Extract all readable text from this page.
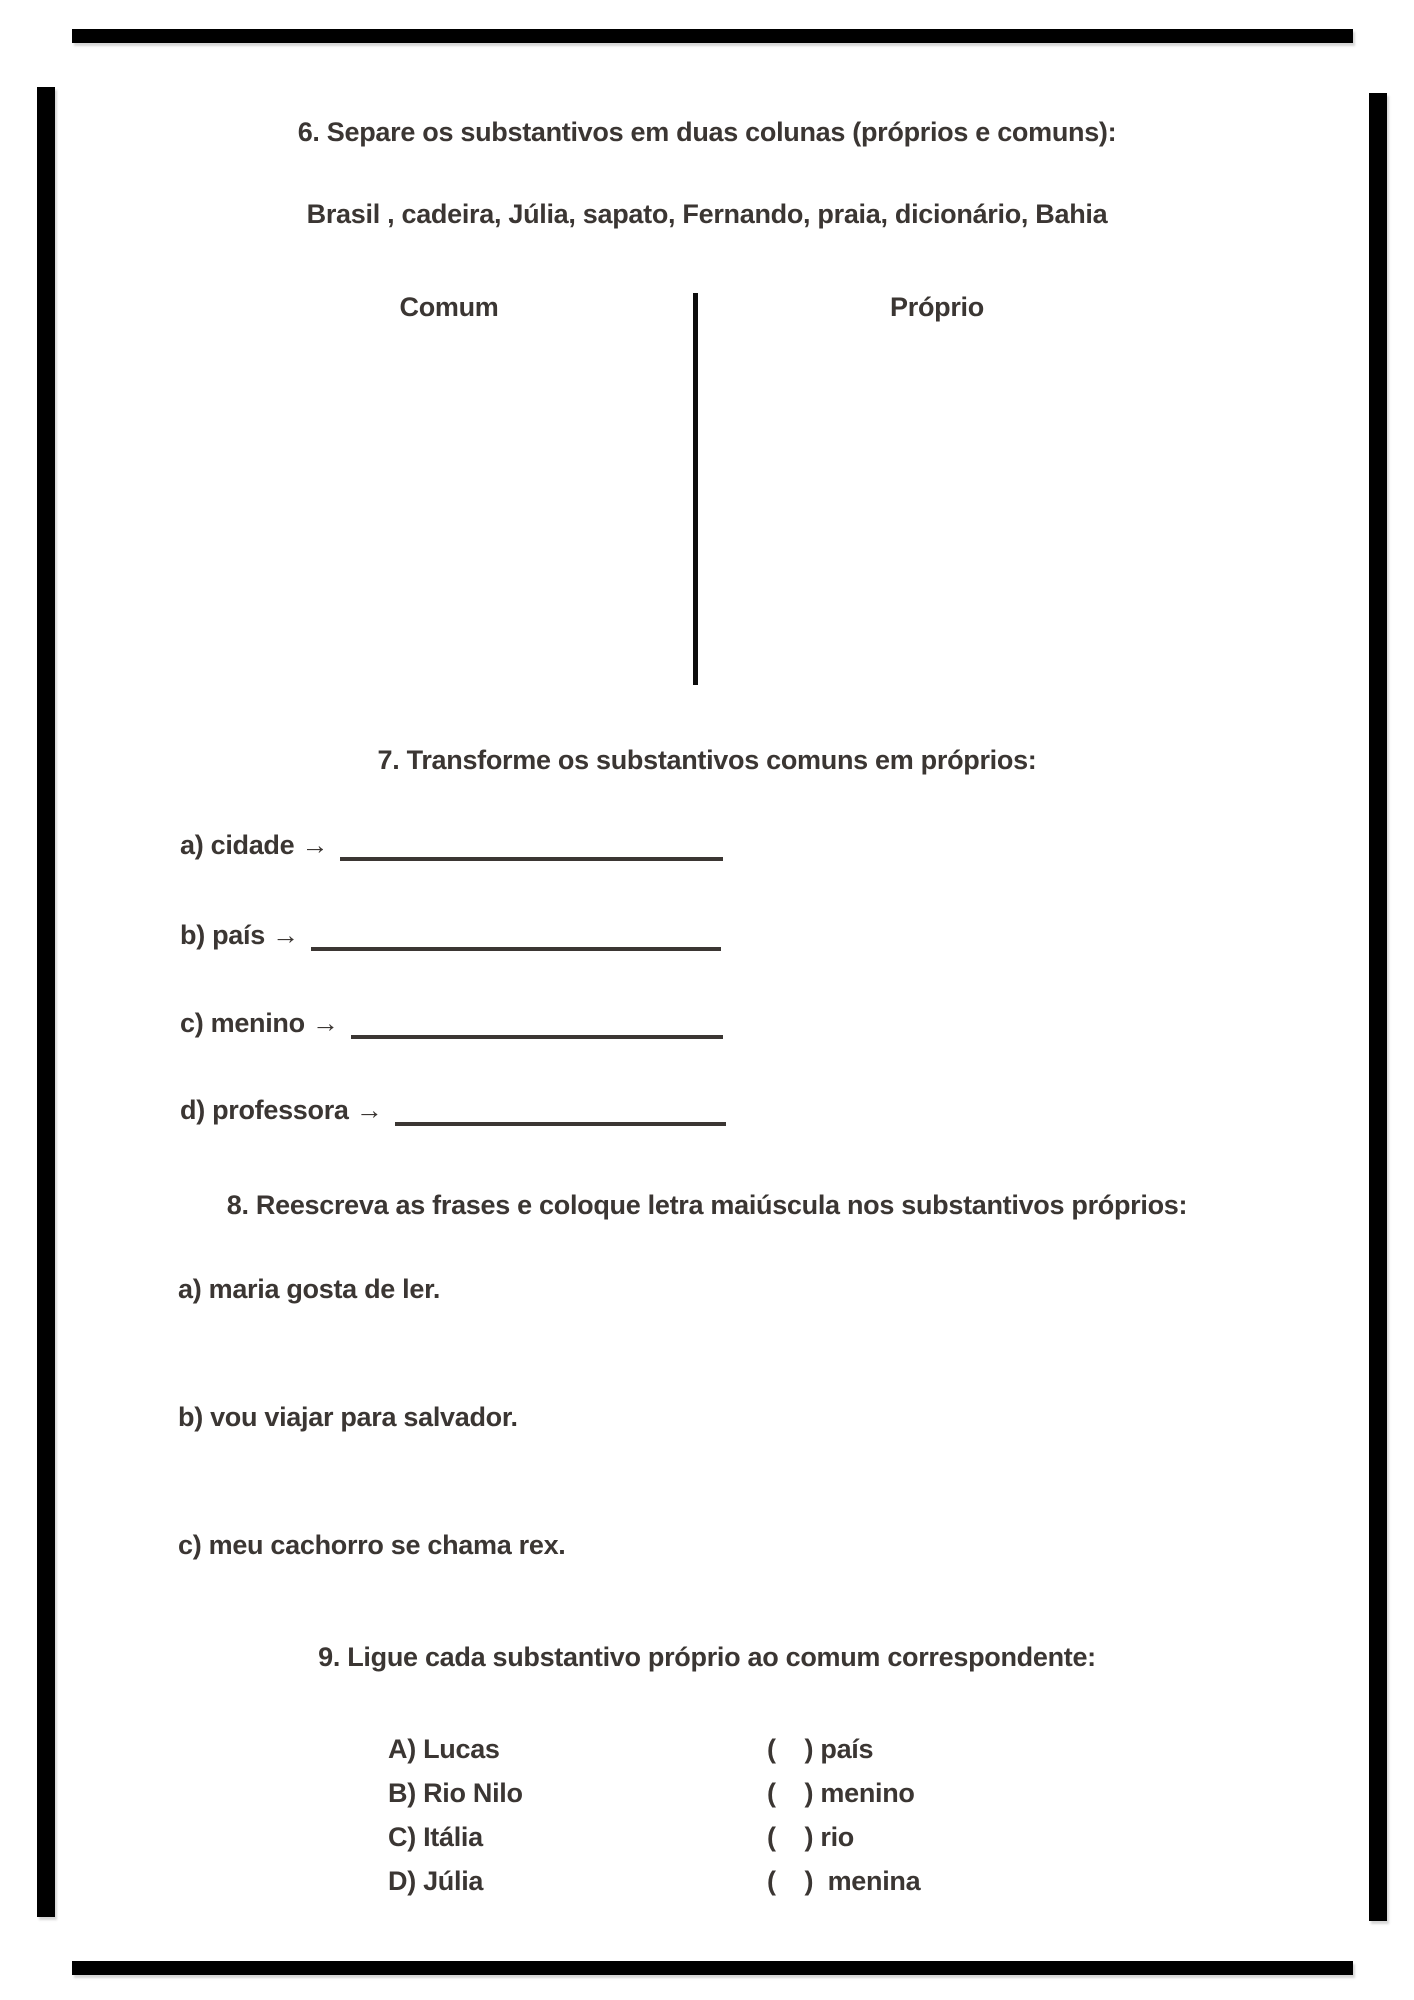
6. Separe os substantivos em duas colunas (próprios e comuns):
Brasil , cadeira, Júlia, sapato, Fernando, praia, dicionário, Bahia
Comum	Próprio
7. Transforme os substantivos comuns em próprios:
a) cidade →
b) país →
c) menino →
d) professora →
8. Reescreva as frases e coloque letra maiúscula nos substantivos próprios:
a) maria gosta de ler.
b) vou viajar para salvador.
c) meu cachorro se chama rex.
9. Ligue cada substantivo próprio ao comum correspondente:
A) Lucas	(    ) país
B) Rio Nilo	(    ) menino
C) Itália	(    ) rio
D) Júlia	(    )  menina
